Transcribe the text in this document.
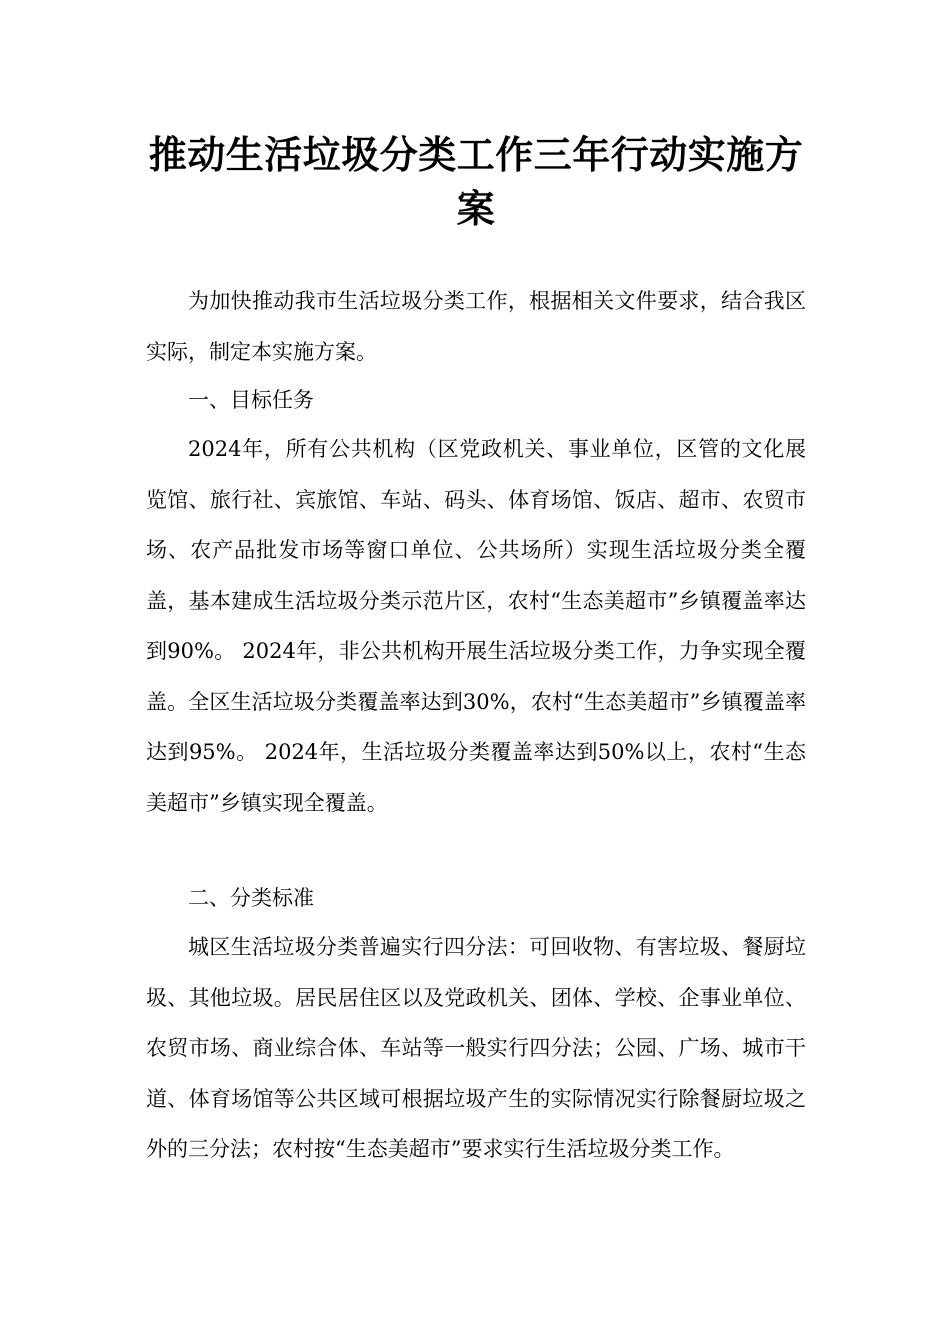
推动生活垃圾分类工作三年行动实施方案

为加快推动我市生活垃圾分类工作，根据相关文件要求，结合我区实际，制定本实施方案。

一、目标任务

2024年，所有公共机构（区党政机关、事业单位，区管的文化展览馆、旅行社、宾旅馆、车站、码头、体育场馆、饭店、超市、农贸市场、农产品批发市场等窗口单位、公共场所）实现生活垃圾分类全覆盖，基本建成生活垃圾分类示范片区，农村“生态美超市”乡镇覆盖率达到90%。 2024年，非公共机构开展生活垃圾分类工作，力争实现全覆盖。全区生活垃圾分类覆盖率达到30%，农村“生态美超市”乡镇覆盖率达到95%。 2024年，生活垃圾分类覆盖率达到50%以上，农村“生态美超市”乡镇实现全覆盖。

二、分类标准

城区生活垃圾分类普遍实行四分法：可回收物、有害垃圾、餐厨垃圾、其他垃圾。居民居住区以及党政机关、团体、学校、企事业单位、农贸市场、商业综合体、车站等一般实行四分法；公园、广场、城市干道、体育场馆等公共区域可根据垃圾产生的实际情况实行除餐厨垃圾之外的三分法；农村按“生态美超市”要求实行生活垃圾分类工作。
